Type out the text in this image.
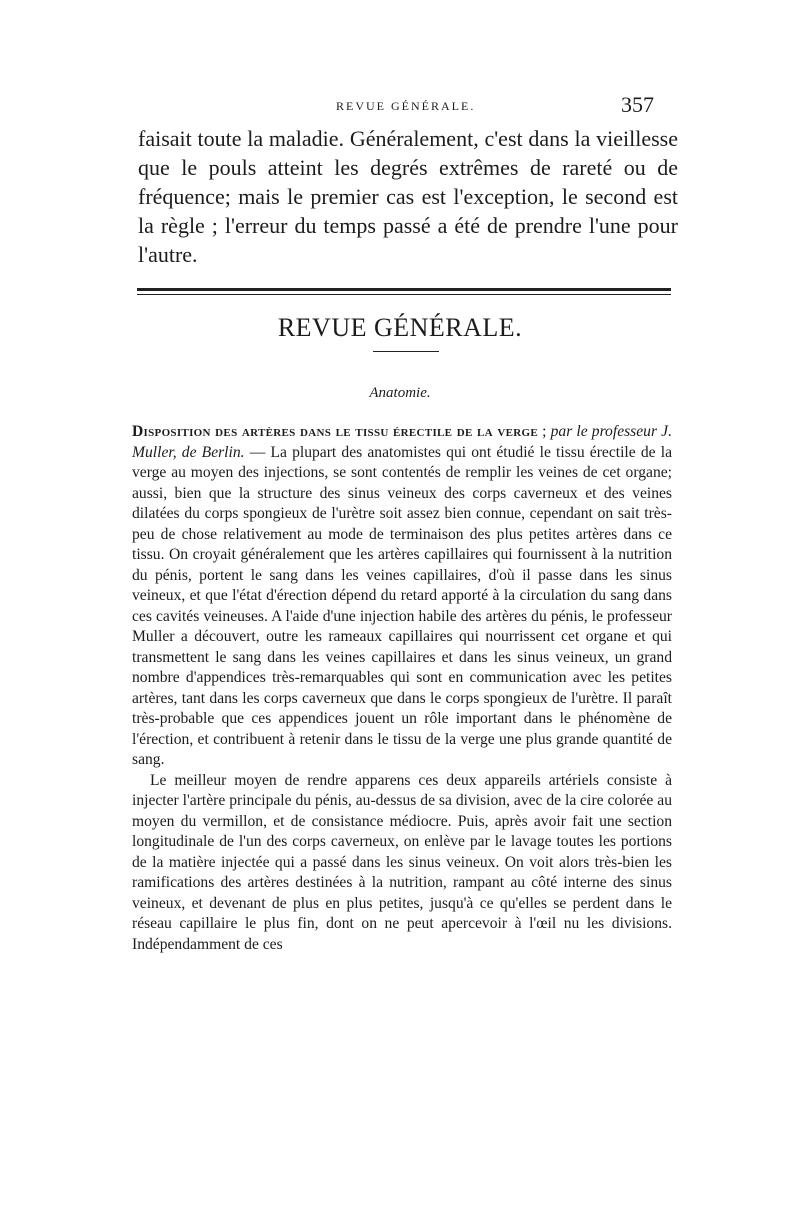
REVUE GÉNÉRALE.	357

faisait toute la maladie. Généralement, c'est dans la vieillesse que le pouls atteint les degrés extrêmes de rareté ou de fréquence; mais le premier cas est l'exception, le second est la règle ; l'erreur du temps passé a été de prendre l'une pour l'autre.

REVUE GÉNÉRALE.
Anatomie.

Disposition des artères dans le tissu érectile de la verge ; par le professeur J. Muller, de Berlin. — La plupart des anatomistes qui ont étudié le tissu érectile de la verge au moyen des injections, se sont contentés de remplir les veines de cet organe; aussi, bien que la structure des sinus veineux des corps caverneux et des veines dilatées du corps spongieux de l'urètre soit assez bien connue, cependant on sait très-peu de chose relativement au mode de terminaison des plus petites artères dans ce tissu. On croyait généralement que les artères capillaires qui fournissent à la nutrition du pénis, portent le sang dans les veines capillaires, d'où il passe dans les sinus veineux, et que l'état d'érection dépend du retard apporté à la circulation du sang dans ces cavités veineuses. A l'aide d'une injection habile des artères du pénis, le professeur Muller a découvert, outre les rameaux capillaires qui nourrissent cet organe et qui transmettent le sang dans les veines capillaires et dans les sinus veineux, un grand nombre d'appendices très-remarquables qui sont en communication avec les petites artères, tant dans les corps caverneux que dans le corps spongieux de l'urètre. Il paraît très-probable que ces appendices jouent un rôle important dans le phénomène de l'érection, et contribuent à retenir dans le tissu de la verge une plus grande quantité de sang.

Le meilleur moyen de rendre apparens ces deux appareils artériels consiste à injecter l'artère principale du pénis, au-dessus de sa division, avec de la cire colorée au moyen du vermillon, et de consistance médiocre. Puis, après avoir fait une section longitudinale de l'un des corps caverneux, on enlève par le lavage toutes les portions de la matière injectée qui a passé dans les sinus veineux. On voit alors très-bien les ramifications des artères destinées à la nutrition, rampant au côté interne des sinus veineux, et devenant de plus en plus petites, jusqu'à ce qu'elles se perdent dans le réseau capillaire le plus fin, dont on ne peut apercevoir à l'œil nu les divisions. Indépendamment de ces
